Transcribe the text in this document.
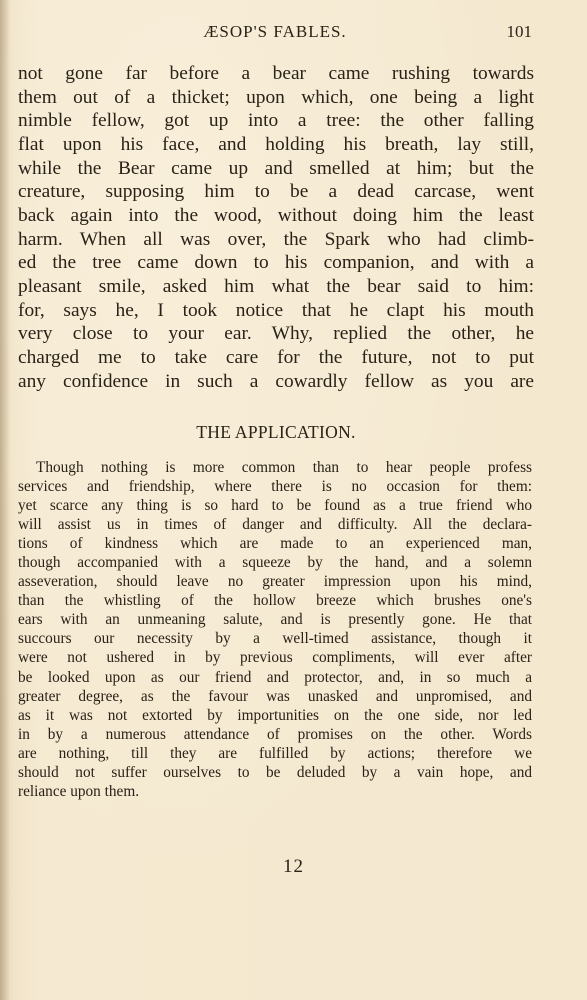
ÆSOP'S FABLES.	101
not gone far before a bear came rushing towards
them out of a thicket; upon which, one being a light
nimble fellow, got up into a tree: the other falling
flat upon his face, and holding his breath, lay still,
while the Bear came up and smelled at him; but the
creature, supposing him to be a dead carcase, went
back again into the wood, without doing him the least
harm. When all was over, the Spark who had climb-
ed the tree came down to his companion, and with a
pleasant smile, asked him what the bear said to him:
for, says he, I took notice that he clapt his mouth
very close to your ear. Why, replied the other, he
charged me to take care for the future, not to put
any confidence in such a cowardly fellow as you are
THE APPLICATION.
Though nothing is more common than to hear people profess
services and friendship, where there is no occasion for them:
yet scarce any thing is so hard to be found as a true friend who
will assist us in times of danger and difficulty. All the declara-
tions of kindness which are made to an experienced man,
though accompanied with a squeeze by the hand, and a solemn
asseveration, should leave no greater impression upon his mind,
than the whistling of the hollow breeze which brushes one's
ears with an unmeaning salute, and is presently gone. He that
succours our necessity by a well-timed assistance, though it
were not ushered in by previous compliments, will ever after
be looked upon as our friend and protector, and, in so much a
greater degree, as the favour was unasked and unpromised, and
as it was not extorted by importunities on the one side, nor led
in by a numerous attendance of promises on the other. Words
are nothing, till they are fulfilled by actions; therefore we
should not suffer ourselves to be deluded by a vain hope, and
reliance upon them.
12
